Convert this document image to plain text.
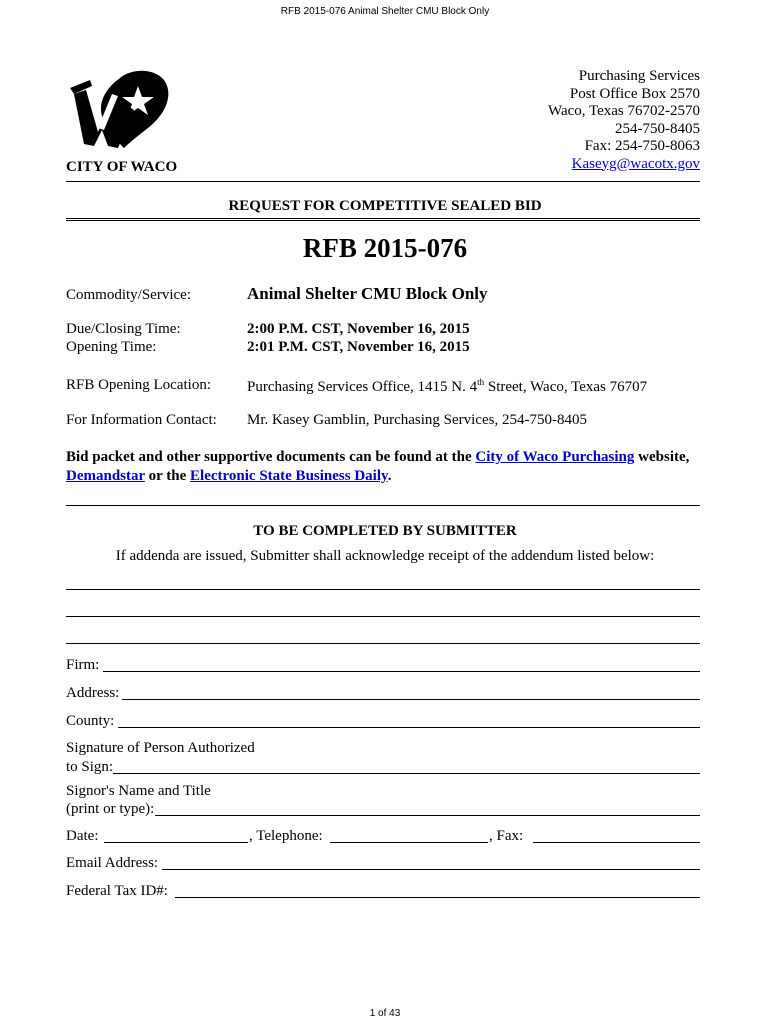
RFB 2015-076 Animal Shelter CMU Block Only
Purchasing Services
Post Office Box 2570
Waco, Texas 76702-2570
254-750-8405
Fax: 254-750-8063
Kaseyg@wacotx.gov
CITY OF WACO
REQUEST FOR COMPETITIVE SEALED BID
RFB 2015-076
Commodity/Service:	Animal Shelter CMU Block Only
Due/Closing Time:	2:00 P.M. CST, November 16, 2015
Opening Time:	2:01 P.M. CST, November 16, 2015
RFB Opening Location: Purchasing Services Office, 1415 N. 4th Street, Waco, Texas 76707
For Information Contact: Mr. Kasey Gamblin, Purchasing Services, 254-750-8405
Bid packet and other supportive documents can be found at the City of Waco Purchasing website,
Demandstar or the Electronic State Business Daily.
TO BE COMPLETED BY SUBMITTER
If addenda are issued, Submitter shall acknowledge receipt of the addendum listed below:
Firm:
Address:
County:
Signature of Person Authorized
to Sign:
Signor's Name and Title
(print or type):
Date:	, Telephone:	, Fax:
Email Address:
Federal Tax ID#:
1 of 43
